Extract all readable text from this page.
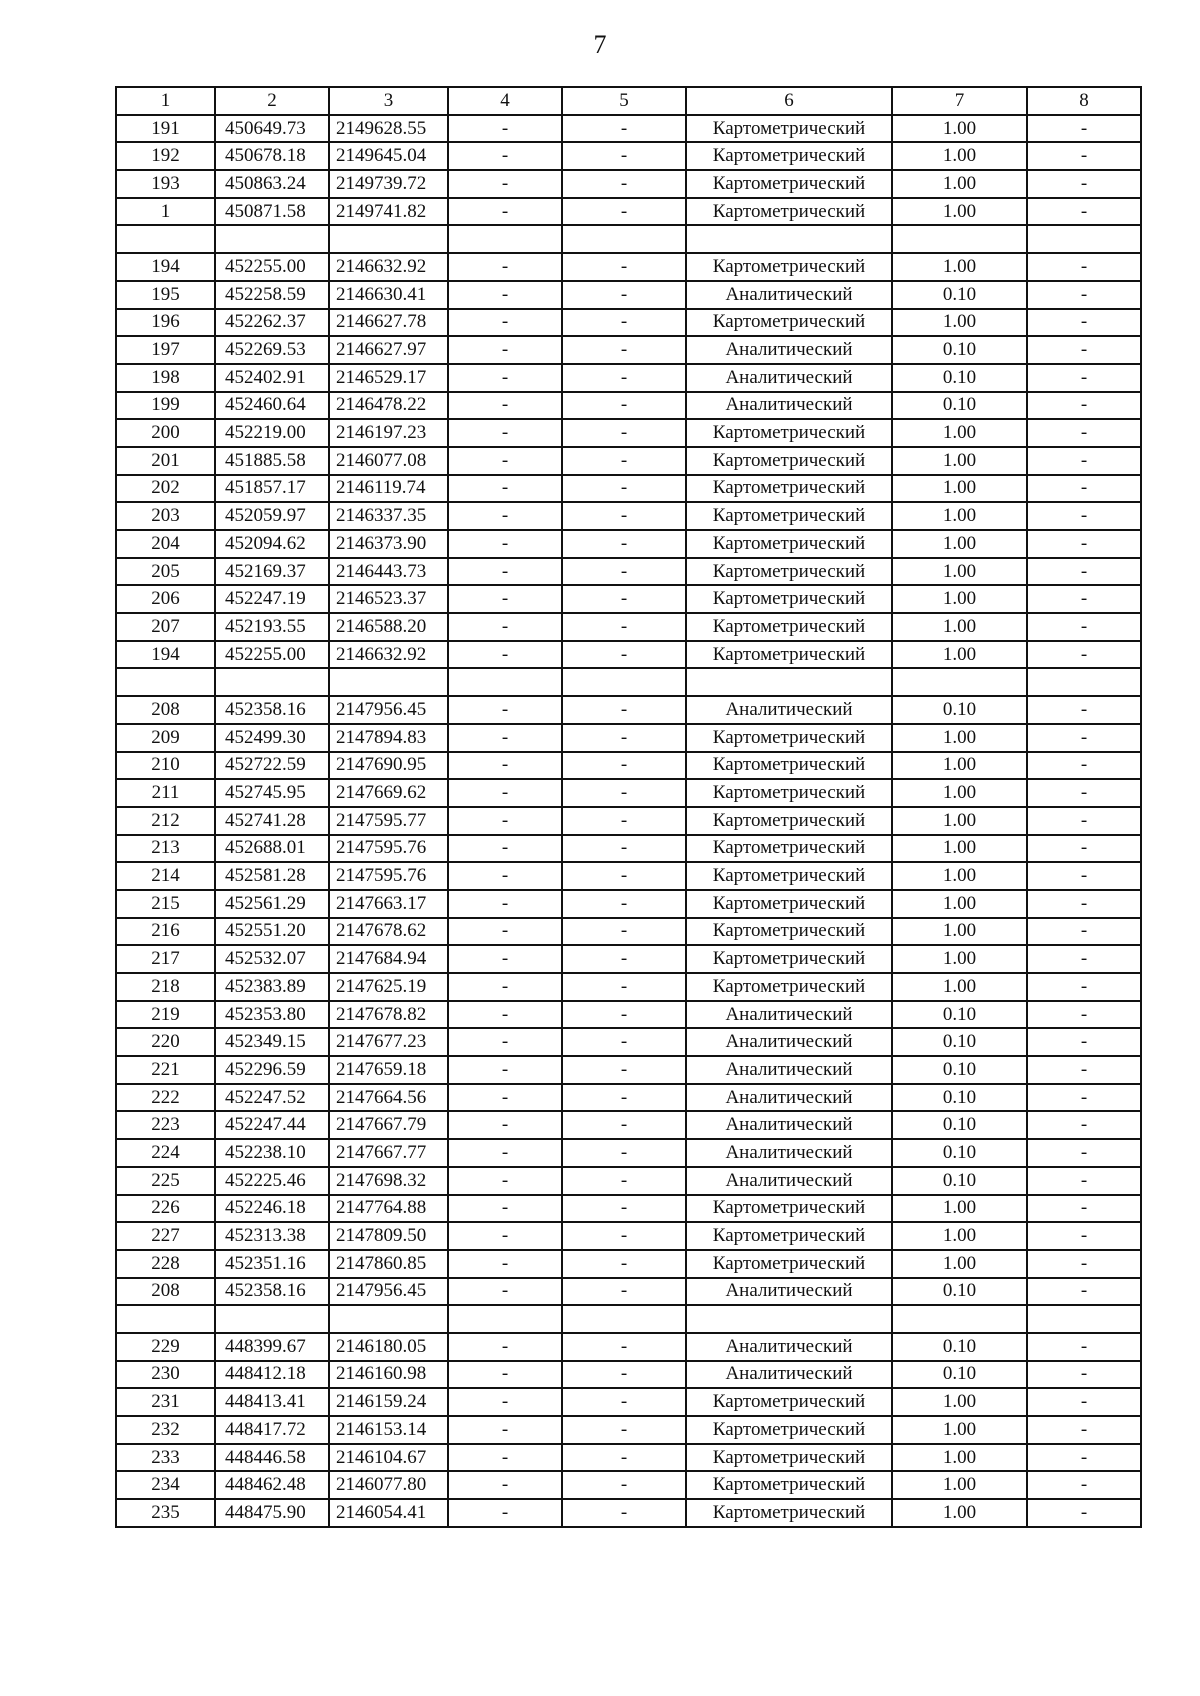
7
1	2	3	4	5	6	7	8
191	450649.73	2149628.55	-	-	Картометрический	1.00	-
192	450678.18	2149645.04	-	-	Картометрический	1.00	-
193	450863.24	2149739.72	-	-	Картометрический	1.00	-
1	450871.58	2149741.82	-	-	Картометрический	1.00	-

194	452255.00	2146632.92	-	-	Картометрический	1.00	-
195	452258.59	2146630.41	-	-	Аналитический	0.10	-
196	452262.37	2146627.78	-	-	Картометрический	1.00	-
197	452269.53	2146627.97	-	-	Аналитический	0.10	-
198	452402.91	2146529.17	-	-	Аналитический	0.10	-
199	452460.64	2146478.22	-	-	Аналитический	0.10	-
200	452219.00	2146197.23	-	-	Картометрический	1.00	-
201	451885.58	2146077.08	-	-	Картометрический	1.00	-
202	451857.17	2146119.74	-	-	Картометрический	1.00	-
203	452059.97	2146337.35	-	-	Картометрический	1.00	-
204	452094.62	2146373.90	-	-	Картометрический	1.00	-
205	452169.37	2146443.73	-	-	Картометрический	1.00	-
206	452247.19	2146523.37	-	-	Картометрический	1.00	-
207	452193.55	2146588.20	-	-	Картометрический	1.00	-
194	452255.00	2146632.92	-	-	Картометрический	1.00	-

208	452358.16	2147956.45	-	-	Аналитический	0.10	-
209	452499.30	2147894.83	-	-	Картометрический	1.00	-
210	452722.59	2147690.95	-	-	Картометрический	1.00	-
211	452745.95	2147669.62	-	-	Картометрический	1.00	-
212	452741.28	2147595.77	-	-	Картометрический	1.00	-
213	452688.01	2147595.76	-	-	Картометрический	1.00	-
214	452581.28	2147595.76	-	-	Картометрический	1.00	-
215	452561.29	2147663.17	-	-	Картометрический	1.00	-
216	452551.20	2147678.62	-	-	Картометрический	1.00	-
217	452532.07	2147684.94	-	-	Картометрический	1.00	-
218	452383.89	2147625.19	-	-	Картометрический	1.00	-
219	452353.80	2147678.82	-	-	Аналитический	0.10	-
220	452349.15	2147677.23	-	-	Аналитический	0.10	-
221	452296.59	2147659.18	-	-	Аналитический	0.10	-
222	452247.52	2147664.56	-	-	Аналитический	0.10	-
223	452247.44	2147667.79	-	-	Аналитический	0.10	-
224	452238.10	2147667.77	-	-	Аналитический	0.10	-
225	452225.46	2147698.32	-	-	Аналитический	0.10	-
226	452246.18	2147764.88	-	-	Картометрический	1.00	-
227	452313.38	2147809.50	-	-	Картометрический	1.00	-
228	452351.16	2147860.85	-	-	Картометрический	1.00	-
208	452358.16	2147956.45	-	-	Аналитический	0.10	-

229	448399.67	2146180.05	-	-	Аналитический	0.10	-
230	448412.18	2146160.98	-	-	Аналитический	0.10	-
231	448413.41	2146159.24	-	-	Картометрический	1.00	-
232	448417.72	2146153.14	-	-	Картометрический	1.00	-
233	448446.58	2146104.67	-	-	Картометрический	1.00	-
234	448462.48	2146077.80	-	-	Картометрический	1.00	-
235	448475.90	2146054.41	-	-	Картометрический	1.00	-
